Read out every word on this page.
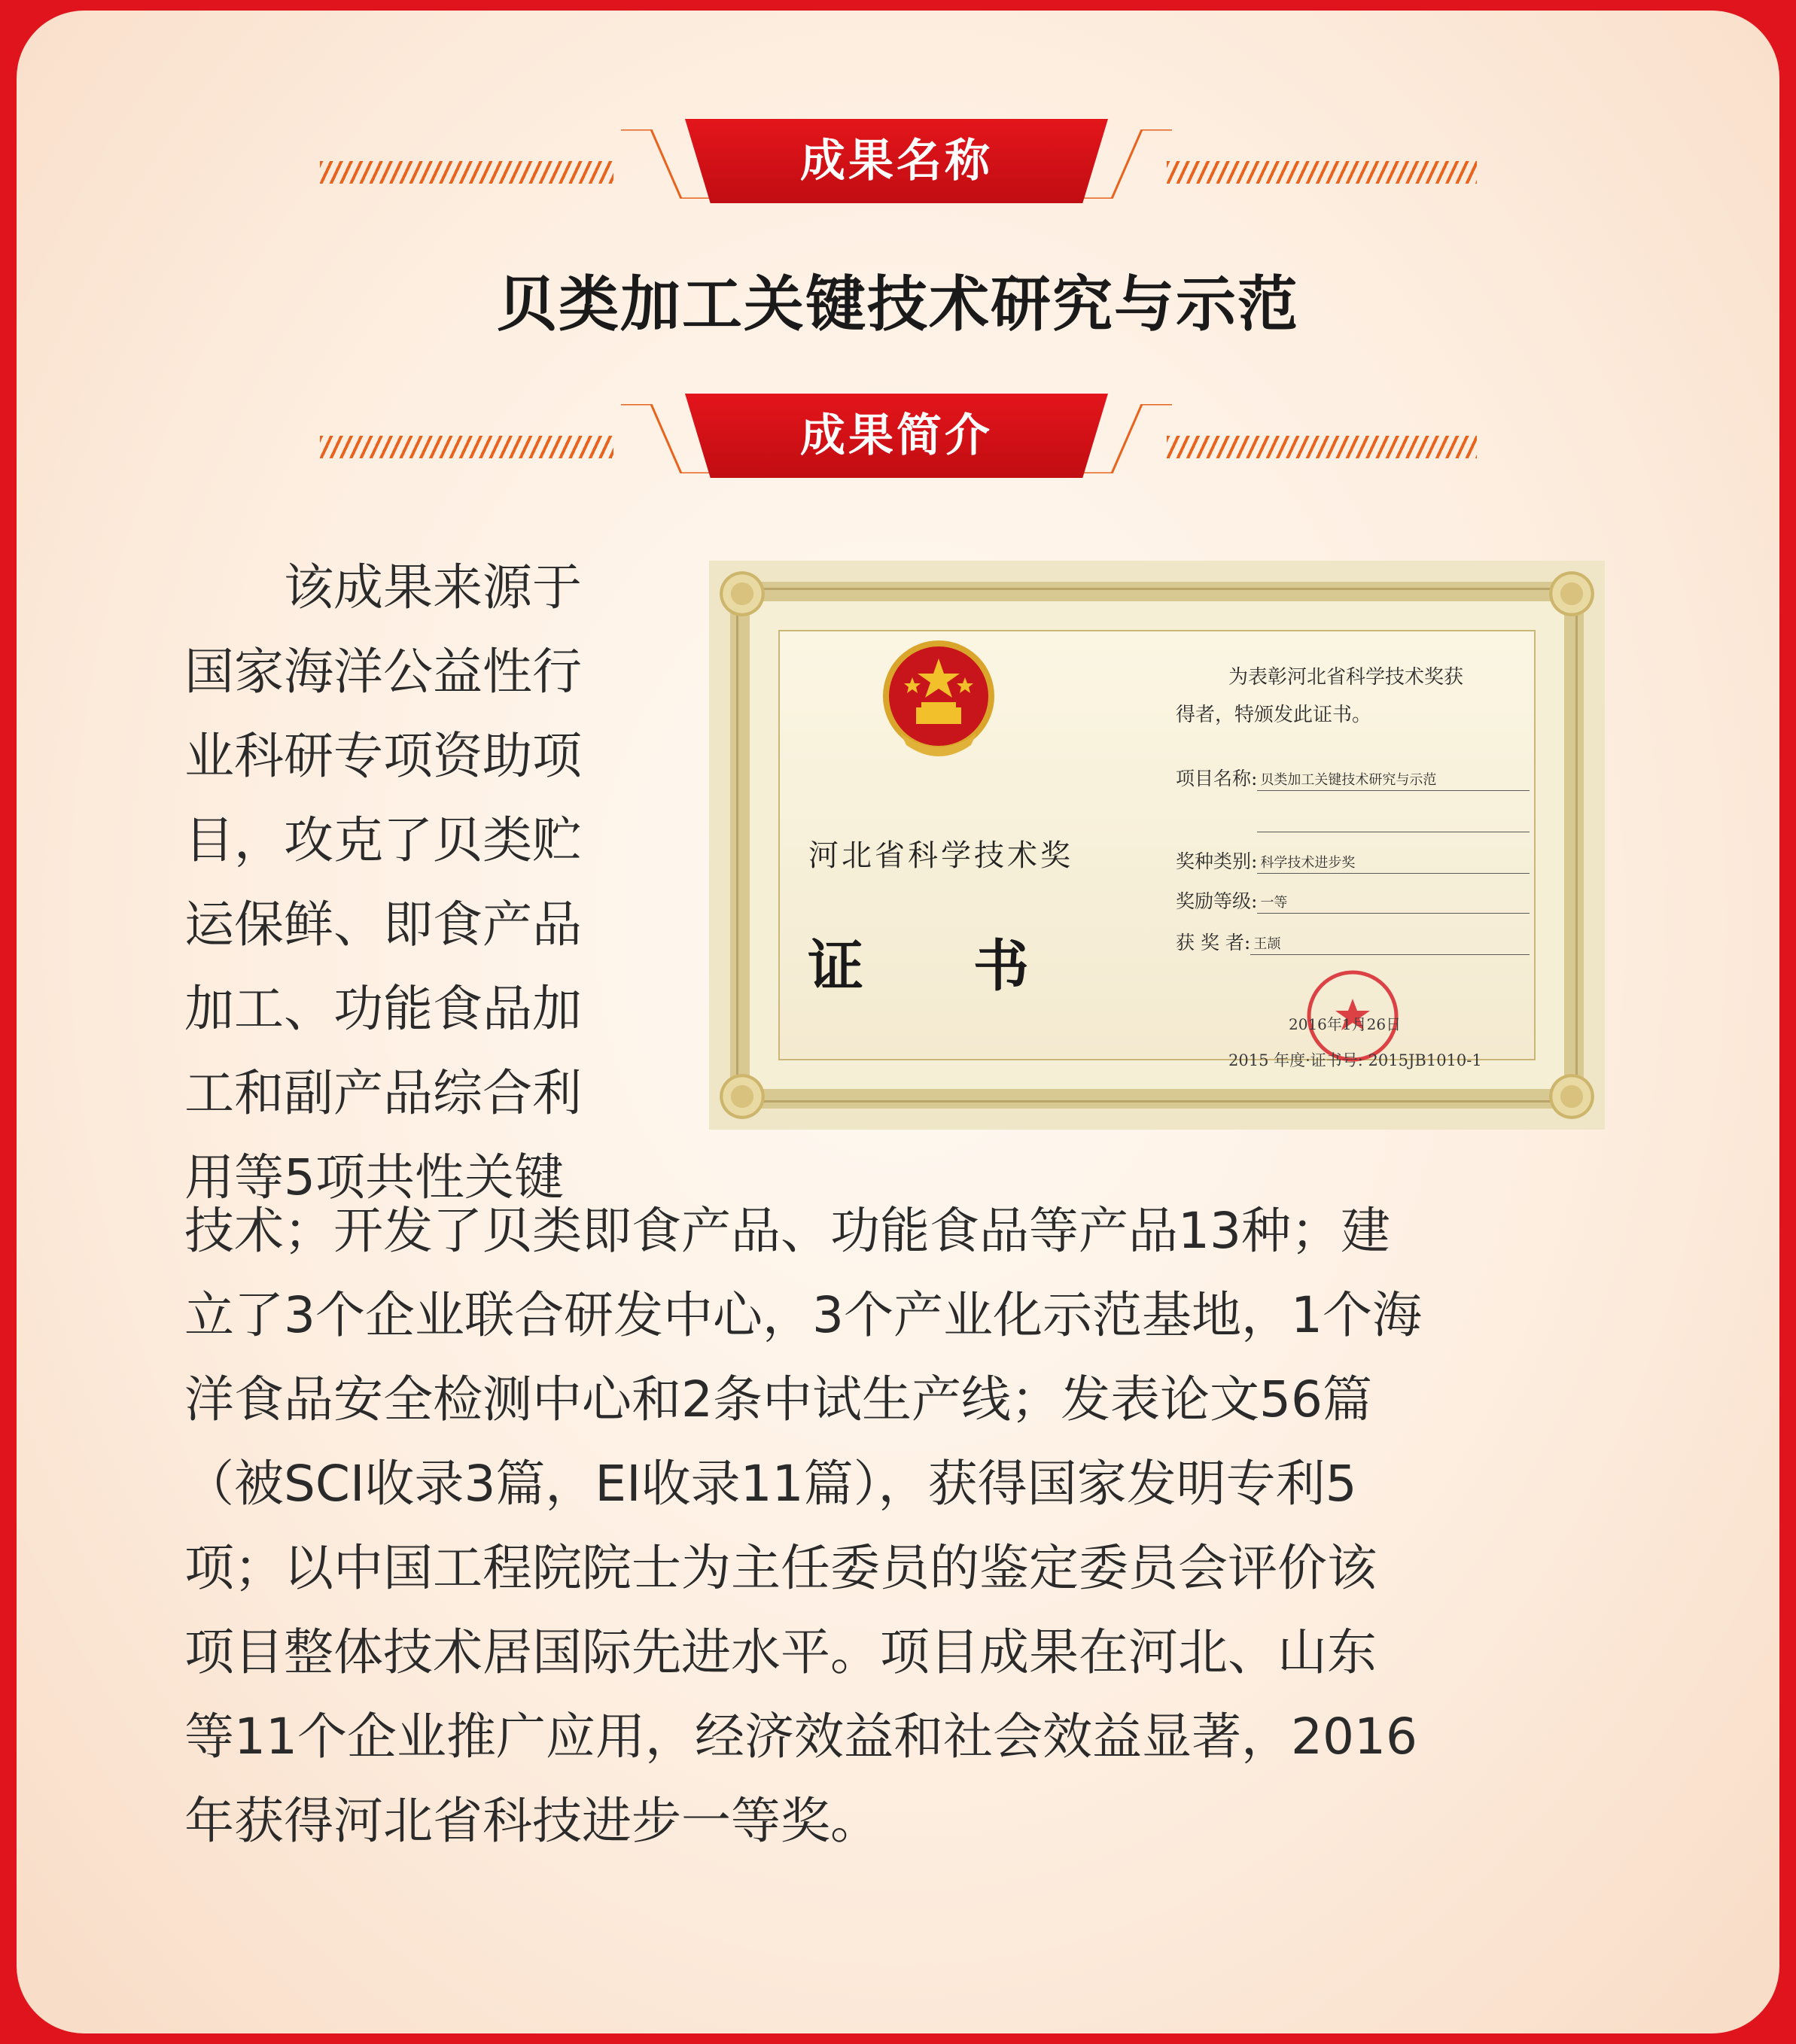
成果名称
贝类加工关键技术研究与示范
成果简介
　　该成果来源于
国家海洋公益性行
业科研专项资助项
目，攻克了贝类贮
运保鲜、即食产品
加工、功能食品加
工和副产品综合利
用等5项共性关键
河北省科学技术奖
证 书
为表彰河北省科学技术奖获
得者，特颁发此证书。
项目名称: 贝类加工关键技术研究与示范
奖种类别: 科学技术进步奖
奖励等级: 一等
获 奖 者: 王颉
2016年1月26日
2015 年度·证书号: 2015JB1010-1
技术；开发了贝类即食产品、功能食品等产品13种；建
立了3个企业联合研发中心，3个产业化示范基地，1个海
洋食品安全检测中心和2条中试生产线；发表论文56篇
（被SCI收录3篇，EI收录11篇），获得国家发明专利5
项；以中国工程院院士为主任委员的鉴定委员会评价该
项目整体技术居国际先进水平。项目成果在河北、山东
等11个企业推广应用，经济效益和社会效益显著，2016
年获得河北省科技进步一等奖。
